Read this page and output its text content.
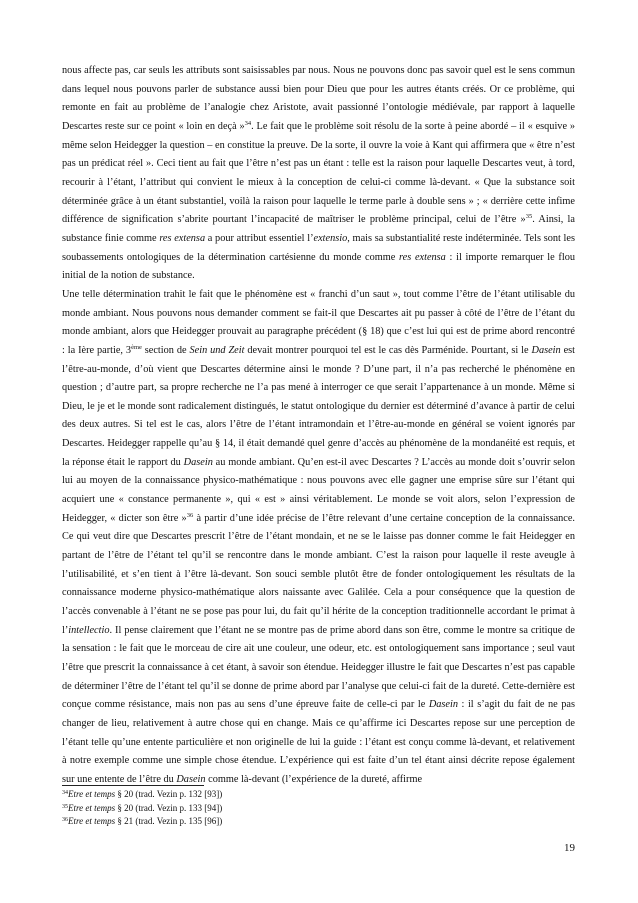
nous affecte pas, car seuls les attributs sont saisissables par nous. Nous ne pouvons donc pas savoir quel est le sens commun dans lequel nous pouvons parler de substance aussi bien pour Dieu que pour les autres étants créés. Or ce problème, qui remonte en fait au problème de l’analogie chez Aristote, avait passionné l’ontologie médiévale, par rapport à laquelle Descartes reste sur ce point « loin en deçà »$^{34}$. Le fait que le problème soit résolu de la sorte à peine abordé – il « esquive » même selon Heidegger la question – en constitue la preuve. De la sorte, il ouvre la voie à Kant qui affirmera que « être n’est pas un prédicat réel ». Ceci tient au fait que l’être n’est pas un étant : telle est la raison pour laquelle Descartes veut, à tord, recourir à l’étant, l’attribut qui convient le mieux à la conception de celui-ci comme là-devant. « Que la substance soit déterminée grâce à un étant substantiel, voilà la raison pour laquelle le terme parle à double sens » ; « derrière cette infime différence de signification s’abrite pourtant l’incapacité de maîtriser le problème principal, celui de l’être »$^{35}$. Ainsi, la substance finie comme res extensa a pour attribut essentiel l’extensio, mais sa substantialité reste indéterminée. Tels sont les soubassements ontologiques de la détermination cartésienne du monde comme res extensa : il importe remarquer le flou initial de la notion de substance.

Une telle détermination trahit le fait que le phénomène est « franchi d’un saut », tout comme l’être de l’étant utilisable du monde ambiant. Nous pouvons nous demander comment se fait-il que Descartes ait pu passer à côté de l’être de l’étant du monde ambiant, alors que Heidegger prouvait au paragraphe précédent (§ 18) que c’est lui qui est de prime abord rencontré : la Ière partie, 3ème section de Sein und Zeit devait montrer pourquoi tel est le cas dès Parménide. Pourtant, si le Dasein est l’être-au-monde, d’où vient que Descartes détermine ainsi le monde ? D’une part, il n’a pas recherché le phénomène en question ; d’autre part, sa propre recherche ne l’a pas mené à interroger ce que serait l’appartenance à un monde. Même si Dieu, le je et le monde sont radicalement distingués, le statut ontologique du dernier est déterminé d’avance à partir de celui des deux autres. Si tel est le cas, alors l’être de l’étant intramondain et l’être-au-monde en général se voient ignorés par Descartes. Heidegger rappelle qu’au § 14, il était demandé quel genre d’accès au phénomène de la mondanéité est requis, et la réponse était le rapport du Dasein au monde ambiant. Qu’en est-il avec Descartes ? L’accès au monde doit s’ouvrir selon lui au moyen de la connaissance physico-mathématique : nous pouvons avec elle gagner une emprise sûre sur l’étant qui acquiert une « constance permanente », qui « est » ainsi véritablement. Le monde se voit alors, selon l’expression de Heidegger, « dicter son être »$^{36}$ à partir d’une idée précise de l’être relevant d’une certaine conception de la connaissance. Ce qui veut dire que Descartes prescrit l’être de l’étant mondain, et ne se le laisse pas donner comme le fait Heidegger en partant de l’être de l’étant tel qu’il se rencontre dans le monde ambiant. C’est la raison pour laquelle il reste aveugle à l’utilisabilité, et s’en tient à l’être là-devant. Son souci semble plutôt être de fonder ontologiquement les résultats de la connaissance moderne physico-mathématique alors naissante avec Galilée. Cela a pour conséquence que la question de l’accès convenable à l’étant ne se pose pas pour lui, du fait qu’il hérite de la conception traditionnelle accordant le primat à l’intellectio. Il pense clairement que l’étant ne se montre pas de prime abord dans son être, comme le montre sa critique de la sensation : le fait que le morceau de cire ait une couleur, une odeur, etc. est ontologiquement sans importance ; seul vaut l’être que prescrit la connaissance à cet étant, à savoir son étendue. Heidegger illustre le fait que Descartes n’est pas capable de déterminer l’être de l’étant tel qu’il se donne de prime abord par l’analyse que celui-ci fait de la dureté. Cette-dernière est conçue comme résistance, mais non pas au sens d’une épreuve faite de celle-ci par le Dasein : il s’agit du fait de ne pas changer de lieu, relativement à autre chose qui en change. Mais ce qu’affirme ici Descartes repose sur une perception de l’étant telle qu’une entente particulière et non originelle de lui la guide : l’étant est conçu comme là-devant, et relativement à notre exemple comme une simple chose étendue. L’expérience qui est faite d’un tel étant ainsi décrite repose également sur une entente de l’être du Dasein comme là-devant (l’expérience de la dureté, affirme

$^{34}$Etre et temps § 20 (trad. Vezin p. 132 [93])
$^{35}$Etre et temps § 20 (trad. Vezin p. 133 [94])
$^{36}$Etre et temps § 21 (trad. Vezin p. 135 [96])
19
